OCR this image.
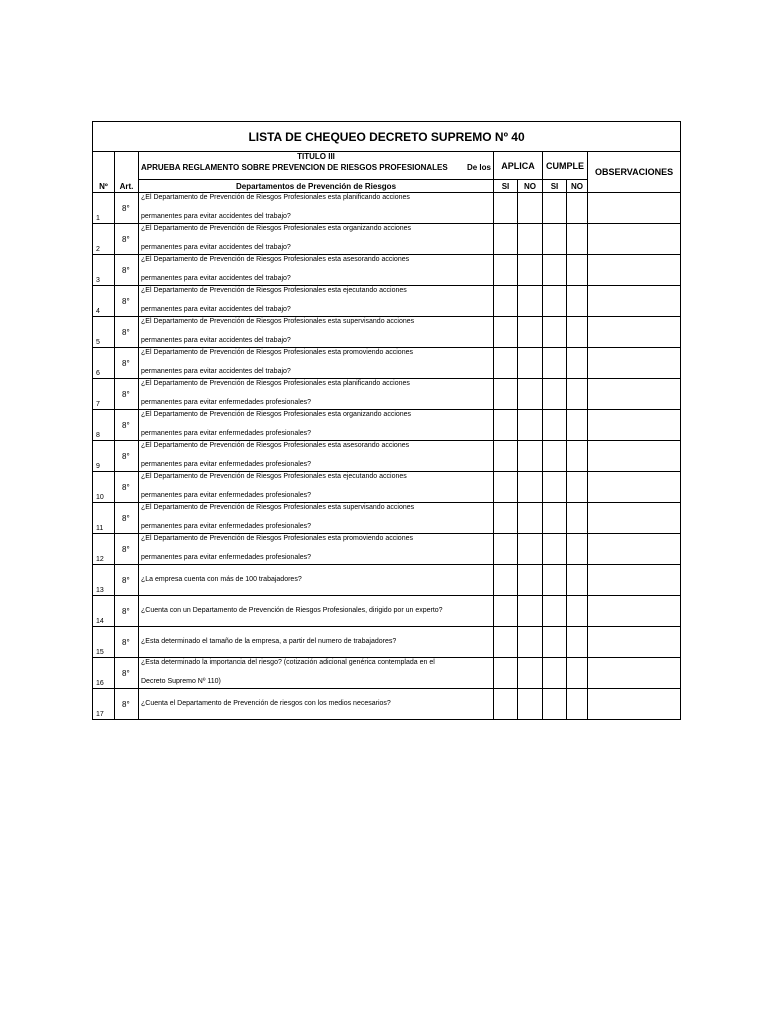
LISTA DE CHEQUEO DECRETO SUPREMO Nº 40							
Nº	Art.	TITULO III
APRUEBA REGLAMENTO SOBRE PREVENCION DE RIESGOS PROFESIONALES De los	APLICA		CUMPLE		OBSERVACIONES
		Departamentos de Prevención de Riesgos	SI	NO	SI	NO	
1	8°	¿El Departamento de Prevención de Riesgos Profesionales esta planificando acciones
permanentes para evitar accidentes del trabajo?					

2	8°	¿El Departamento de Prevención de Riesgos Profesionales esta organizando acciones
permanentes para evitar accidentes del trabajo?					

3	8°	¿El Departamento de Prevención de Riesgos Profesionales esta asesorando acciones
permanentes para evitar accidentes del trabajo?					

4	8°	¿El Departamento de Prevención de Riesgos Profesionales esta ejecutando acciones
permanentes para evitar accidentes del trabajo?					

5	8°	¿El Departamento de Prevención de Riesgos Profesionales esta supervisando acciones
permanentes para evitar accidentes del trabajo?					

6	8°	¿El Departamento de Prevención de Riesgos Profesionales esta promoviendo acciones
permanentes para evitar accidentes del trabajo?					

7	8°	¿El Departamento de Prevención de Riesgos Profesionales esta planificando acciones
permanentes para evitar enfermedades profesionales?					

8	8°	¿El Departamento de Prevención de Riesgos Profesionales esta organizando acciones
permanentes para evitar enfermedades profesionales?					

9	8°	¿El Departamento de Prevención de Riesgos Profesionales esta asesorando acciones
permanentes para evitar enfermedades profesionales?					

10	8°	¿El Departamento de Prevención de Riesgos Profesionales esta ejecutando acciones
permanentes para evitar enfermedades profesionales?					

11	8°	¿El Departamento de Prevención de Riesgos Profesionales esta supervisando acciones
permanentes para evitar enfermedades profesionales?					

12	8°	¿El Departamento de Prevención de Riesgos Profesionales esta promoviendo acciones
permanentes para evitar enfermedades profesionales?					

13	8°	¿La empresa cuenta con más de 100 trabajadores?					

14	8°	¿Cuenta con un Departamento de Prevención de Riesgos Profesionales, dirigido por un experto?					

15	8°	¿Esta determinado el tamaño de la empresa, a partir del numero de trabajadores?					

16	8°	¿Esta determinado la importancia del riesgo? (cotización adicional genérica contemplada en el
Decreto Supremo Nº 110)					

17	8°	¿Cuenta el Departamento de Prevención de riesgos con los medios necesarios?					
